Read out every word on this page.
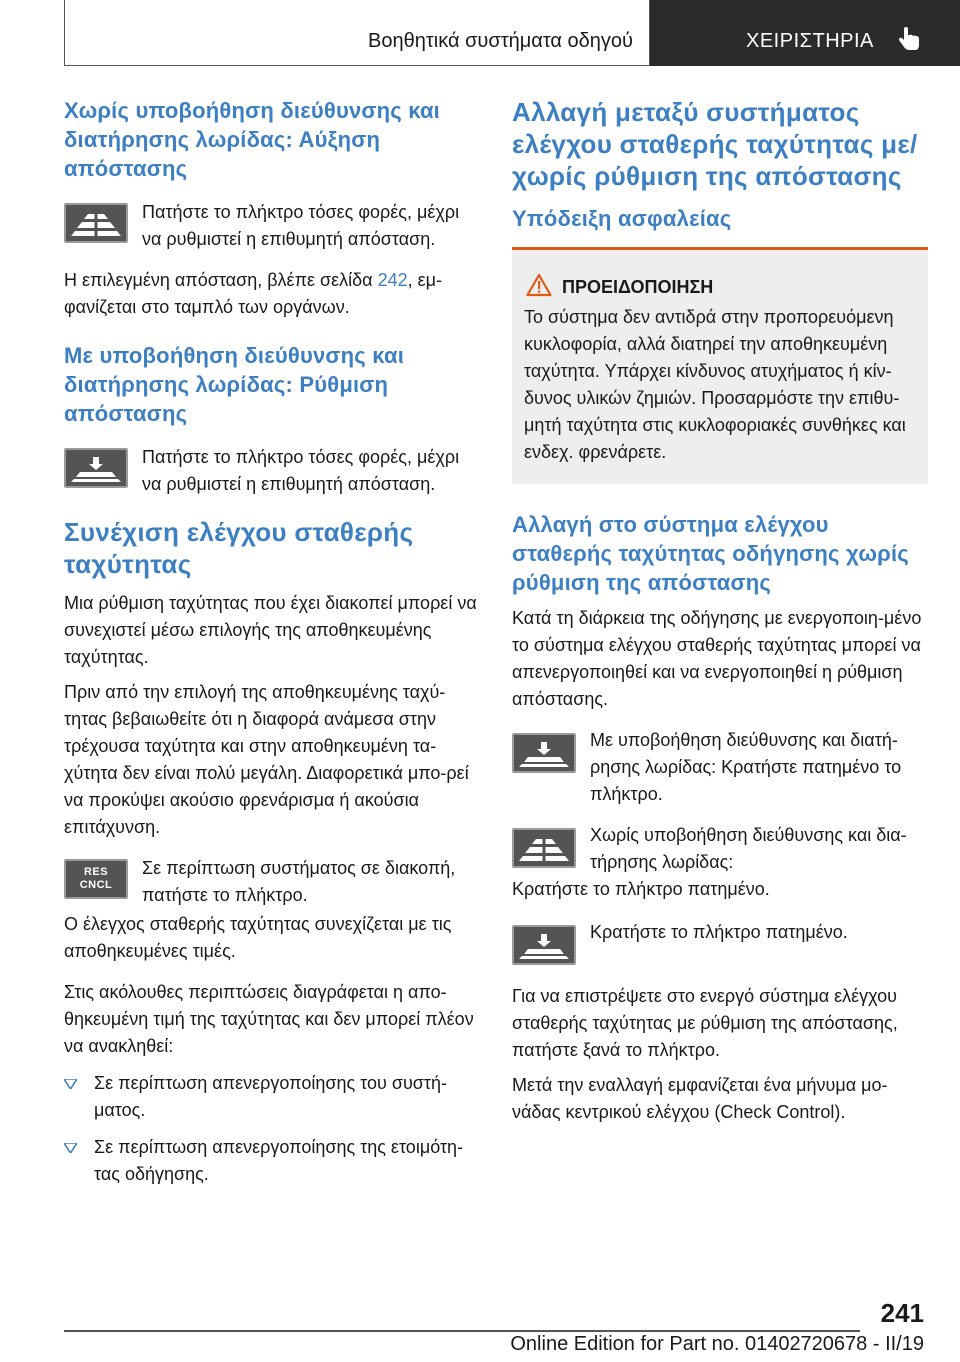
Βοηθητικά συστήματα οδηγού	ΧΕΙΡΙΣΤΗΡΙΑ
Χωρίς υποβοήθηση διεύθυνσης και διατήρησης λωρίδας: Αύξηση απόστασης

Πατήστε το πλήκτρο τόσες φορές, μέχρι να ρυθμιστεί η επιθυμητή απόσταση.

Η επιλεγμένη απόσταση, βλέπε σελίδα 242, εμ‐φανίζεται στο ταμπλό των οργάνων.

Με υποβοήθηση διεύθυνσης και διατήρησης λωρίδας: Ρύθμιση απόστασης

Πατήστε το πλήκτρο τόσες φορές, μέχρι να ρυθμιστεί η επιθυμητή απόσταση.

Συνέχιση ελέγχου σταθερής ταχύτητας

Μια ρύθμιση ταχύτητας που έχει διακοπεί μπορεί να συνεχιστεί μέσω επιλογής της αποθηκευμένης ταχύτητας.

Πριν από την επιλογή της αποθηκευμένης ταχύ‐τητας βεβαιωθείτε ότι η διαφορά ανάμεσα στην τρέχουσα ταχύτητα και στην αποθηκευμένη τα‐χύτητα δεν είναι πολύ μεγάλη. Διαφορετικά μπο‐ρεί να προκύψει ακούσιο φρενάρισμα ή ακούσια επιτάχυνση.

RES
CNCL

Σε περίπτωση συστήματος σε διακοπή, πατήστε το πλήκτρο.

Ο έλεγχος σταθερής ταχύτητας συνεχίζεται με τις αποθηκευμένες τιμές.

Στις ακόλουθες περιπτώσεις διαγράφεται η απο‐θηκευμένη τιμή της ταχύτητας και δεν μπορεί πλέον να ανακληθεί:

Σε περίπτωση απενεργοποίησης του συστή‐ματος.

Σε περίπτωση απενεργοποίησης της ετοιμότη‐τας οδήγησης.

Αλλαγή μεταξύ συστήματος ελέγχου σταθερής ταχύτητας με/χωρίς ρύθμιση της απόστασης
Υπόδειξη ασφαλείας
ΠΡΟΕΙΔΟΠΟΙΗΣΗ

Το σύστημα δεν αντιδρά στην προπορευόμενη κυκλοφορία, αλλά διατηρεί την αποθηκευμένη ταχύτητα. Υπάρχει κίνδυνος ατυχήματος ή κίν‐δυνος υλικών ζημιών. Προσαρμόστε την επιθυ‐μητή ταχύτητα στις κυκλοφοριακές συνθήκες και ενδεχ. φρενάρετε.

Αλλαγή στο σύστημα ελέγχου σταθερής ταχύτητας οδήγησης χωρίς ρύθμιση της απόστασης

Κατά τη διάρκεια της οδήγησης με ενεργοποιη‐μένο το σύστημα ελέγχου σταθερής ταχύτητας μπορεί να απενεργοποιηθεί και να ενεργοποιηθεί η ρύθμιση απόστασης.

Με υποβοήθηση διεύθυνσης και διατή‐ρησης λωρίδας: Κρατήστε πατημένο το πλήκτρο.

Χωρίς υποβοήθηση διεύθυνσης και δια‐τήρησης λωρίδας:

Κρατήστε το πλήκτρο πατημένο.

Κρατήστε το πλήκτρο πατημένο.

Για να επιστρέψετε στο ενεργό σύστημα ελέγχου σταθερής ταχύτητας με ρύθμιση της απόστασης, πατήστε ξανά το πλήκτρο.

Μετά την εναλλαγή εμφανίζεται ένα μήνυμα μο‐νάδας κεντρικού ελέγχου (Check Control).

241
Online Edition for Part no. 01402720678 - II/19
